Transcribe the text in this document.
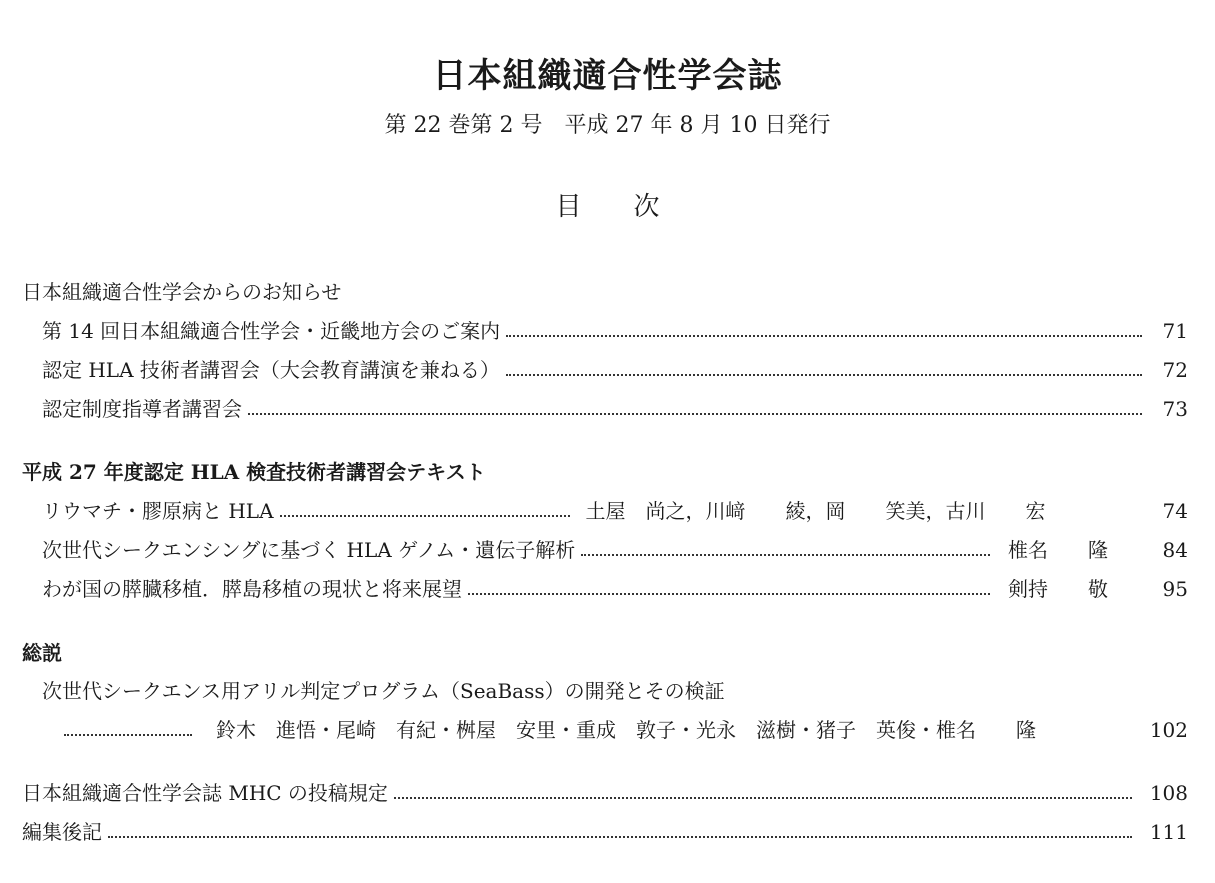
日本組織適合性学会誌
第 22 巻第 2 号　平成 27 年 8 月 10 日発行
目 次
日本組織適合性学会からのお知らせ
第 14 回日本組織適合性学会・近畿地方会のご案内	71
認定 HLA 技術者講習会（大会教育講演を兼ねる）	72
認定制度指導者講習会	73
平成 27 年度認定 HLA 検査技術者講習会テキスト
リウマチ・膠原病と HLA	土屋　尚之，川﨑　　綾，岡　　笑美，古川　　宏	74
次世代シークエンシングに基づく HLA ゲノム・遺伝子解析	椎名　　隆	84
わが国の膵臓移植．膵島移植の現状と将来展望	剣持　　敬	95
総説
次世代シークエンス用アリル判定プログラム（SeaBass）の開発とその検証
鈴木　進悟・尾崎　有紀・桝屋　安里・重成　敦子・光永　滋樹・猪子　英俊・椎名　　隆	102
日本組織適合性学会誌 MHC の投稿規定	108
編集後記	111
